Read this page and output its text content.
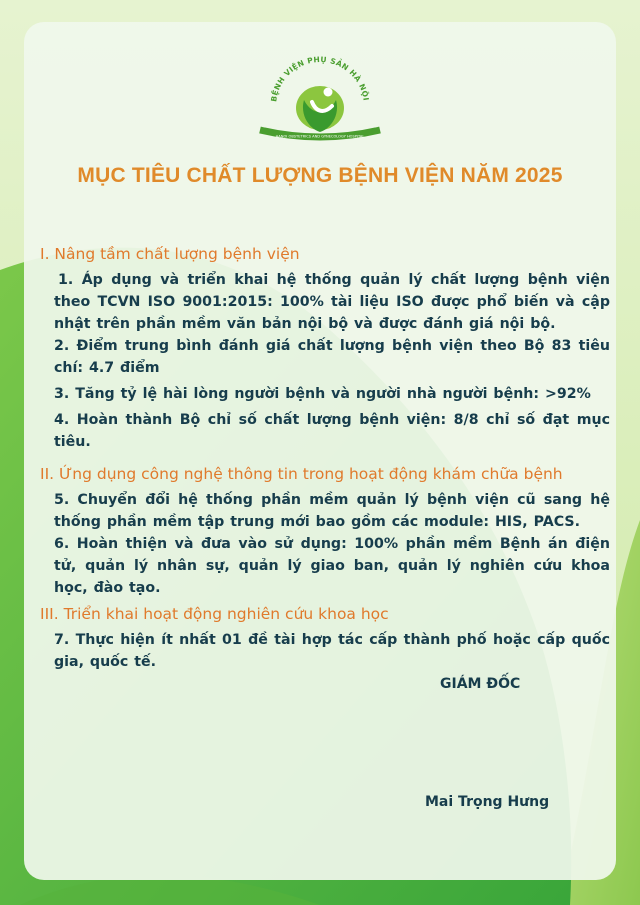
BỆNH VIỆN PHỤ SẢN HÀ NỘI
HANOI OBSTETRICS AND GYNECOLOGY HOSPITAL
MỤC TIÊU CHẤT LƯỢNG BỆNH VIỆN NĂM 2025
I. Nâng tầm chất lượng bệnh viện

1. Áp dụng và triển khai hệ thống quản lý chất lượng bệnh viện theo TCVN ISO 9001:2015: 100% tài liệu ISO được phổ biến và cập nhật trên phần mềm văn bản nội bộ và được đánh giá nội bộ.

2. Điểm trung bình đánh giá chất lượng bệnh viện theo Bộ 83 tiêu chí: 4.7 điểm

3. Tăng tỷ lệ hài lòng người bệnh và người nhà người bệnh: >92%

4. Hoàn thành Bộ chỉ số chất lượng bệnh viện: 8/8 chỉ số đạt mục tiêu.

II. Ứng dụng công nghệ thông tin trong hoạt động khám chữa bệnh

5. Chuyển đổi hệ thống phần mềm quản lý bệnh viện cũ sang hệ thống phần mềm tập trung mới bao gồm các module: HIS, PACS.

6. Hoàn thiện và đưa vào sử dụng: 100% phần mềm Bệnh án điện tử, quản lý nhân sự, quản lý giao ban, quản lý nghiên cứu khoa học, đào tạo.

III. Triển khai hoạt động nghiên cứu khoa học

7. Thực hiện ít nhất 01 đề tài hợp tác cấp thành phố hoặc cấp quốc gia, quốc tế.

GIÁM ĐỐC
Mai Trọng Hưng
